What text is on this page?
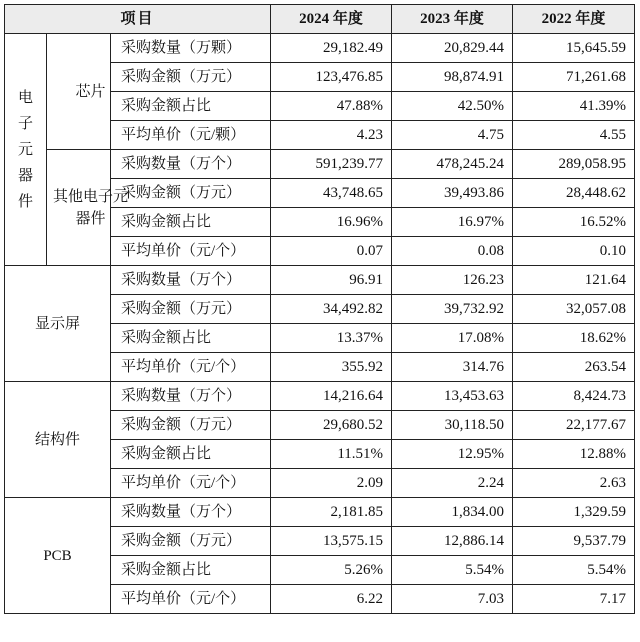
项目			2024 年度	2023 年度	2022 年度
电子元器件	芯片	采购数量（万颗）	29,182.49	20,829.44	15,645.59
		采购金额（万元）	123,476.85	98,874.91	71,261.68
		采购金额占比	47.88%	42.50%	41.39%
		平均单价（元/颗）	4.23	4.75	4.55
	其他电子元器件	采购数量（万个）	591,239.77	478,245.24	289,058.95
		采购金额（万元）	43,748.65	39,493.86	28,448.62
		采购金额占比	16.96%	16.97%	16.52%
		平均单价（元/个）	0.07	0.08	0.10
显示屏		采购数量（万个）	96.91	126.23	121.64
		采购金额（万元）	34,492.82	39,732.92	32,057.08
		采购金额占比	13.37%	17.08%	18.62%
		平均单价（元/个）	355.92	314.76	263.54
结构件		采购数量（万个）	14,216.64	13,453.63	8,424.73
		采购金额（万元）	29,680.52	30,118.50	22,177.67
		采购金额占比	11.51%	12.95%	12.88%
		平均单价（元/个）	2.09	2.24	2.63
PCB		采购数量（万个）	2,181.85	1,834.00	1,329.59
		采购金额（万元）	13,575.15	12,886.14	9,537.79
		采购金额占比	5.26%	5.54%	5.54%
		平均单价（元/个）	6.22	7.03	7.17
